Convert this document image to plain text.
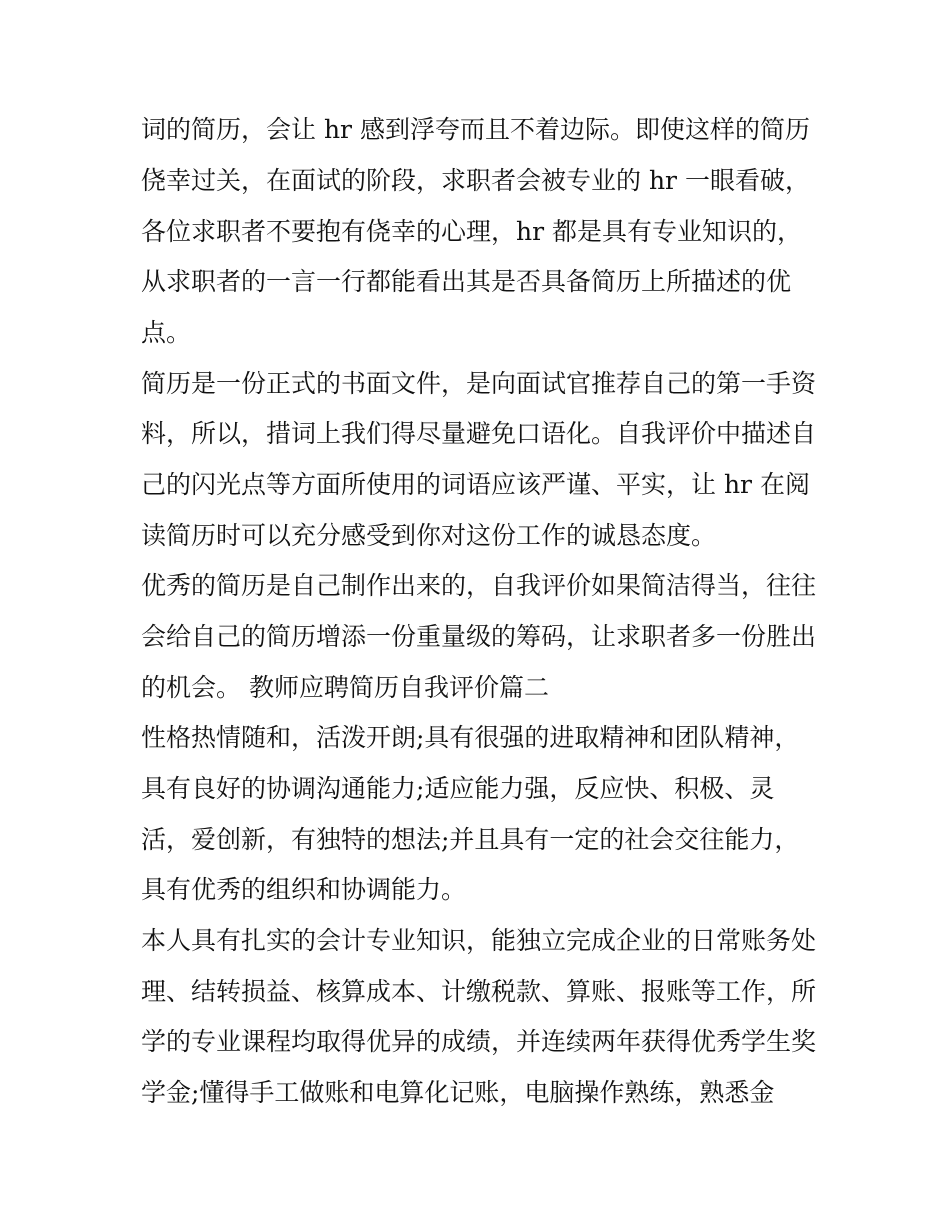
词的简历，会让 hr 感到浮夸而且不着边际。即使这样的简历
侥幸过关，在面试的阶段，求职者会被专业的 hr 一眼看破，
各位求职者不要抱有侥幸的心理，hr 都是具有专业知识的，
从求职者的一言一行都能看出其是否具备简历上所描述的优
点。
简历是一份正式的书面文件，是向面试官推荐自己的第一手资
料，所以，措词上我们得尽量避免口语化。自我评价中描述自
己的闪光点等方面所使用的词语应该严谨、平实，让 hr 在阅
读简历时可以充分感受到你对这份工作的诚恳态度。
优秀的简历是自己制作出来的，自我评价如果简洁得当，往往
会给自己的简历增添一份重量级的筹码，让求职者多一份胜出
的机会。 教师应聘简历自我评价篇二
性格热情随和，活泼开朗;具有很强的进取精神和团队精神，
具有良好的协调沟通能力;适应能力强，反应快、积极、灵
活，爱创新，有独特的想法;并且具有一定的社会交往能力，
具有优秀的组织和协调能力。
本人具有扎实的会计专业知识，能独立完成企业的日常账务处
理、结转损益、核算成本、计缴税款、算账、报账等工作，所
学的专业课程均取得优异的成绩，并连续两年获得优秀学生奖
学金;懂得手工做账和电算化记账，电脑操作熟练，熟悉金
